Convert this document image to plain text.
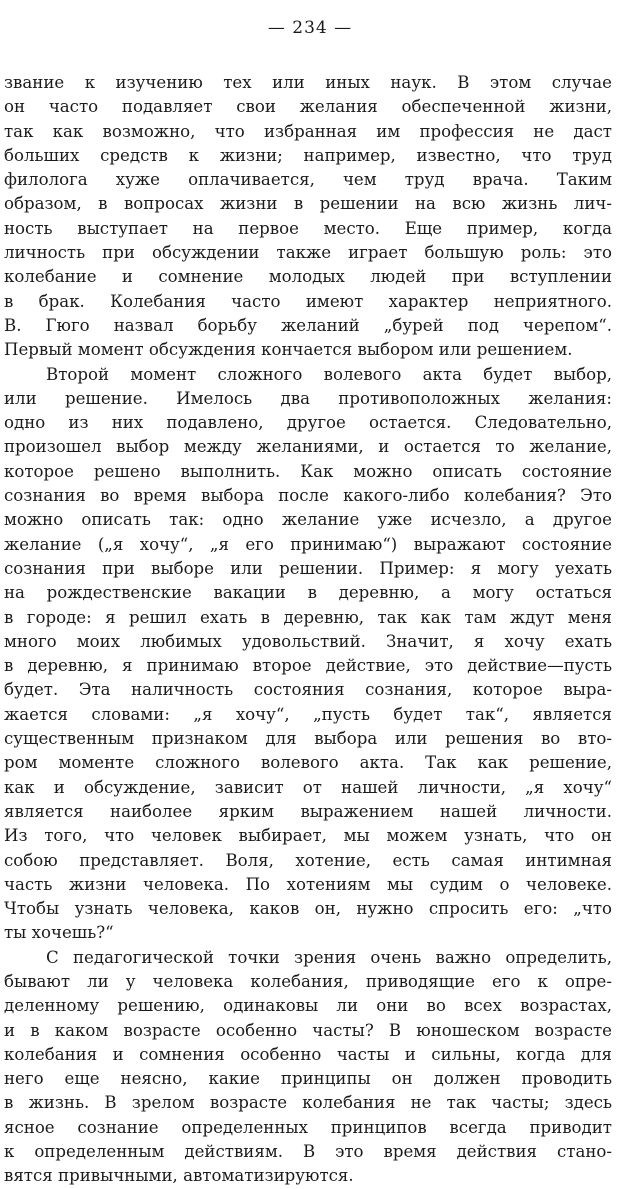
— 234 —
звание к изучению тех или иных наук. В этом случае
он часто подавляет свои желания обеспеченной жизни,
так как возможно, что избранная им профессия не даст
больших средств к жизни; например, известно, что труд
филолога хуже оплачивается, чем труд врача. Таким
образом, в вопросах жизни в решении на всю жизнь лич-
ность выступает на первое место. Еще пример, когда
личность при обсуждении также играет большую роль: это
колебание и сомнение молодых людей при вступлении
в брак. Колебания часто имеют характер неприятного.
В. Гюго назвал борьбу желаний „бурей под черепом“.
Первый момент обсуждения кончается выбором или решением.
Второй момент сложного волевого акта будет выбор,
или решение. Имелось два противоположных желания:
одно из них подавлено, другое остается. Следовательно,
произошел выбор между желаниями, и остается то желание,
которое решено выполнить. Как можно описать состояние
сознания во время выбора после какого-либо колебания? Это
можно описать так: одно желание уже исчезло, а другое
желание („я хочу“, „я его принимаю“) выражают состояние
сознания при выборе или решении. Пример: я могу уехать
на рождественские вакации в деревню, а могу остаться
в городе: я решил ехать в деревню, так как там ждут меня
много моих любимых удовольствий. Значит, я хочу ехать
в деревню, я принимаю второе действие, это действие—пусть
будет. Эта наличность состояния сознания, которое выра-
жается словами: „я хочу“, „пусть будет так“, является
существенным признаком для выбора или решения во вто-
ром моменте сложного волевого акта. Так как решение,
как и обсуждение, зависит от нашей личности, „я хочу“
является наиболее ярким выражением нашей личности.
Из того, что человек выбирает, мы можем узнать, что он
собою представляет. Воля, хотение, есть самая интимная
часть жизни человека. По хотениям мы судим о человеке.
Чтобы узнать человека, каков он, нужно спросить его: „что
ты хочешь?“
С педагогической точки зрения очень важно определить,
бывают ли у человека колебания, приводящие его к опре-
деленному решению, одинаковы ли они во всех возрастах,
и в каком возрасте особенно часты? В юношеском возрасте
колебания и сомнения особенно часты и сильны, когда для
него еще неясно, какие принципы он должен проводить
в жизнь. В зрелом возрасте колебания не так часты; здесь
ясное сознание определенных принципов всегда приводит
к определенным действиям. В это время действия стано-
вятся привычными, автоматизируются.
